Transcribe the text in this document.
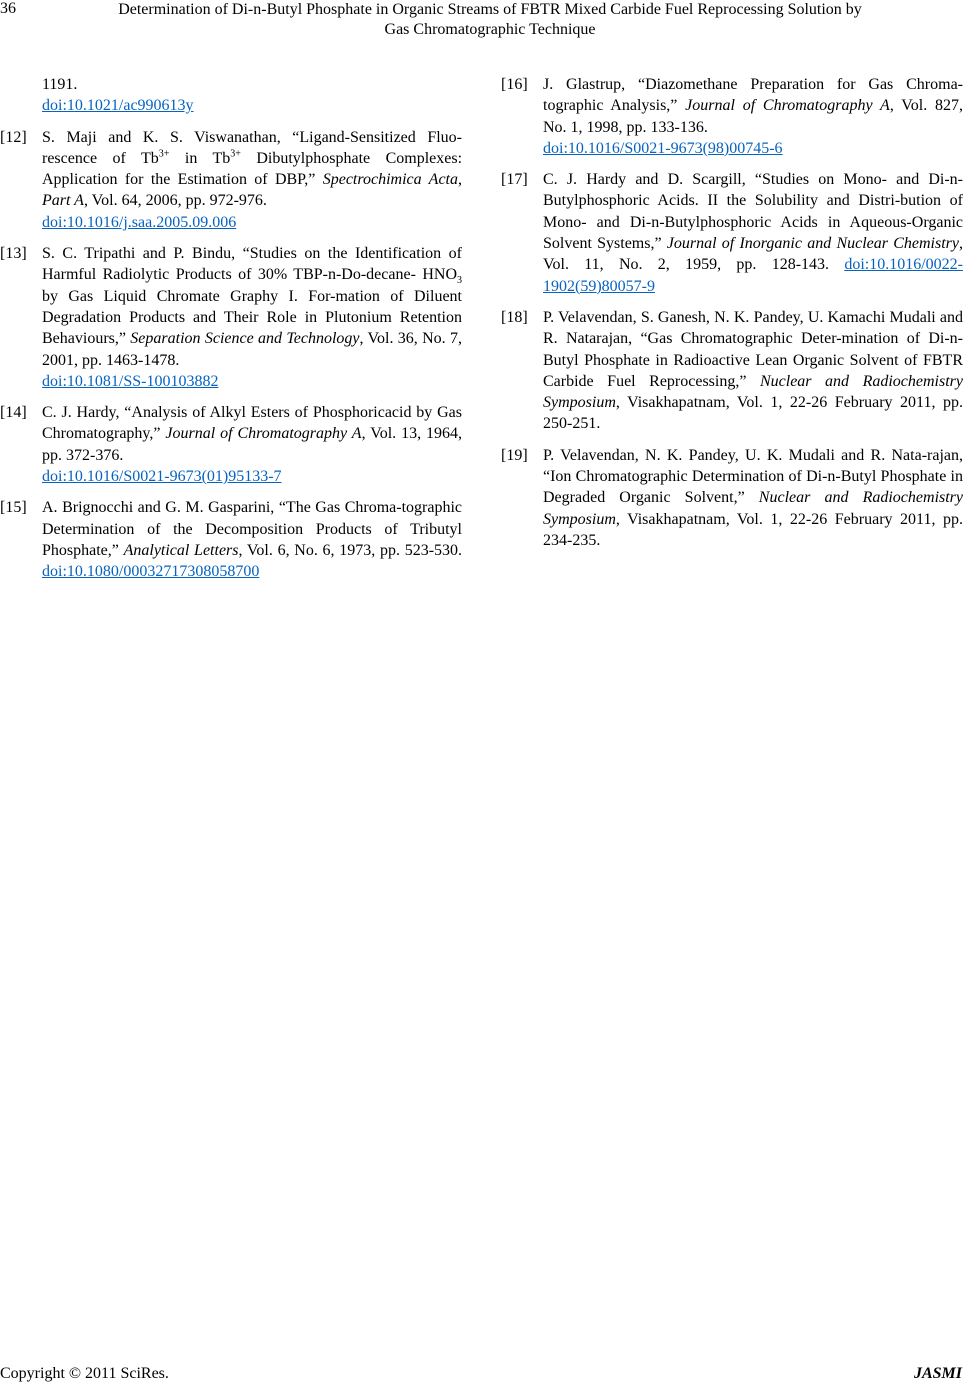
36	Determination of Di-n-Butyl Phosphate in Organic Streams of FBTR Mixed Carbide Fuel Reprocessing Solution by
Gas Chromatographic Technique
1191.
doi:10.1021/ac990613y
[12] S. Maji and K. S. Viswanathan, “Ligand-Sensitized Fluo-
rescence of $Tb^{3+}$ in $Tb^{3+}$ Dibutylphosphate Complexes:
Application for the Estimation of DBP,” Spectrochimica Acta, Part A, Vol. 64, 2006, pp. 972-976.
doi:10.1016/j.saa.2005.09.006
[13] S. C. Tripathi and P. Bindu, “Studies on the Identification of Harmful Radiolytic Products of 30% TBP-n-Do-decane- $HNO_3$ by Gas Liquid Chromate Graphy I. For-mation of Diluent Degradation Products and Their Role in Plutonium Retention Behaviours,” Separation Science and Technology, Vol. 36, No. 7, 2001, pp. 1463-1478.
doi:10.1081/SS-100103882
[14] C. J. Hardy, “Analysis of Alkyl Esters of Phosphoricacid by Gas Chromatography,” Journal of Chromatography A, Vol. 13, 1964, pp. 372-376.
doi:10.1016/S0021-9673(01)95133-7
[15] A. Brignocchi and G. M. Gasparini, “The Gas Chroma-tographic Determination of the Decomposition Products of Tributyl Phosphate,” Analytical Letters, Vol. 6, No. 6, 1973, pp. 523-530. doi:10.1080/00032717308058700
[16] J. Glastrup, “Diazomethane Preparation for Gas Chroma-tographic Analysis,” Journal of Chromatography A, Vol. 827, No. 1, 1998, pp. 133-136.
doi:10.1016/S0021-9673(98)00745-6
[17] C. J. Hardy and D. Scargill, “Studies on Mono- and Di-n-Butylphosphoric Acids. II the Solubility and Distri-bution of Mono- and Di-n-Butylphosphoric Acids in Aqueous-Organic Solvent Systems,” Journal of Inorganic and Nuclear Chemistry, Vol. 11, No. 2, 1959, pp. 128-143. doi:10.1016/0022-1902(59)80057-9
[18] P. Velavendan, S. Ganesh, N. K. Pandey, U. Kamachi Mudali and R. Natarajan, “Gas Chromatographic Deter-mination of Di-n-Butyl Phosphate in Radioactive Lean Organic Solvent of FBTR Carbide Fuel Reprocessing,” Nuclear and Radiochemistry Symposium, Visakhapatnam, Vol. 1, 22-26 February 2011, pp. 250-251.
[19] P. Velavendan, N. K. Pandey, U. K. Mudali and R. Nata-rajan, “Ion Chromatographic Determination of Di-n-Butyl Phosphate in Degraded Organic Solvent,” Nuclear and Radiochemistry Symposium, Visakhapatnam, Vol. 1, 22-26 February 2011, pp. 234-235.
Copyright © 2011 SciRes.	JASMI
